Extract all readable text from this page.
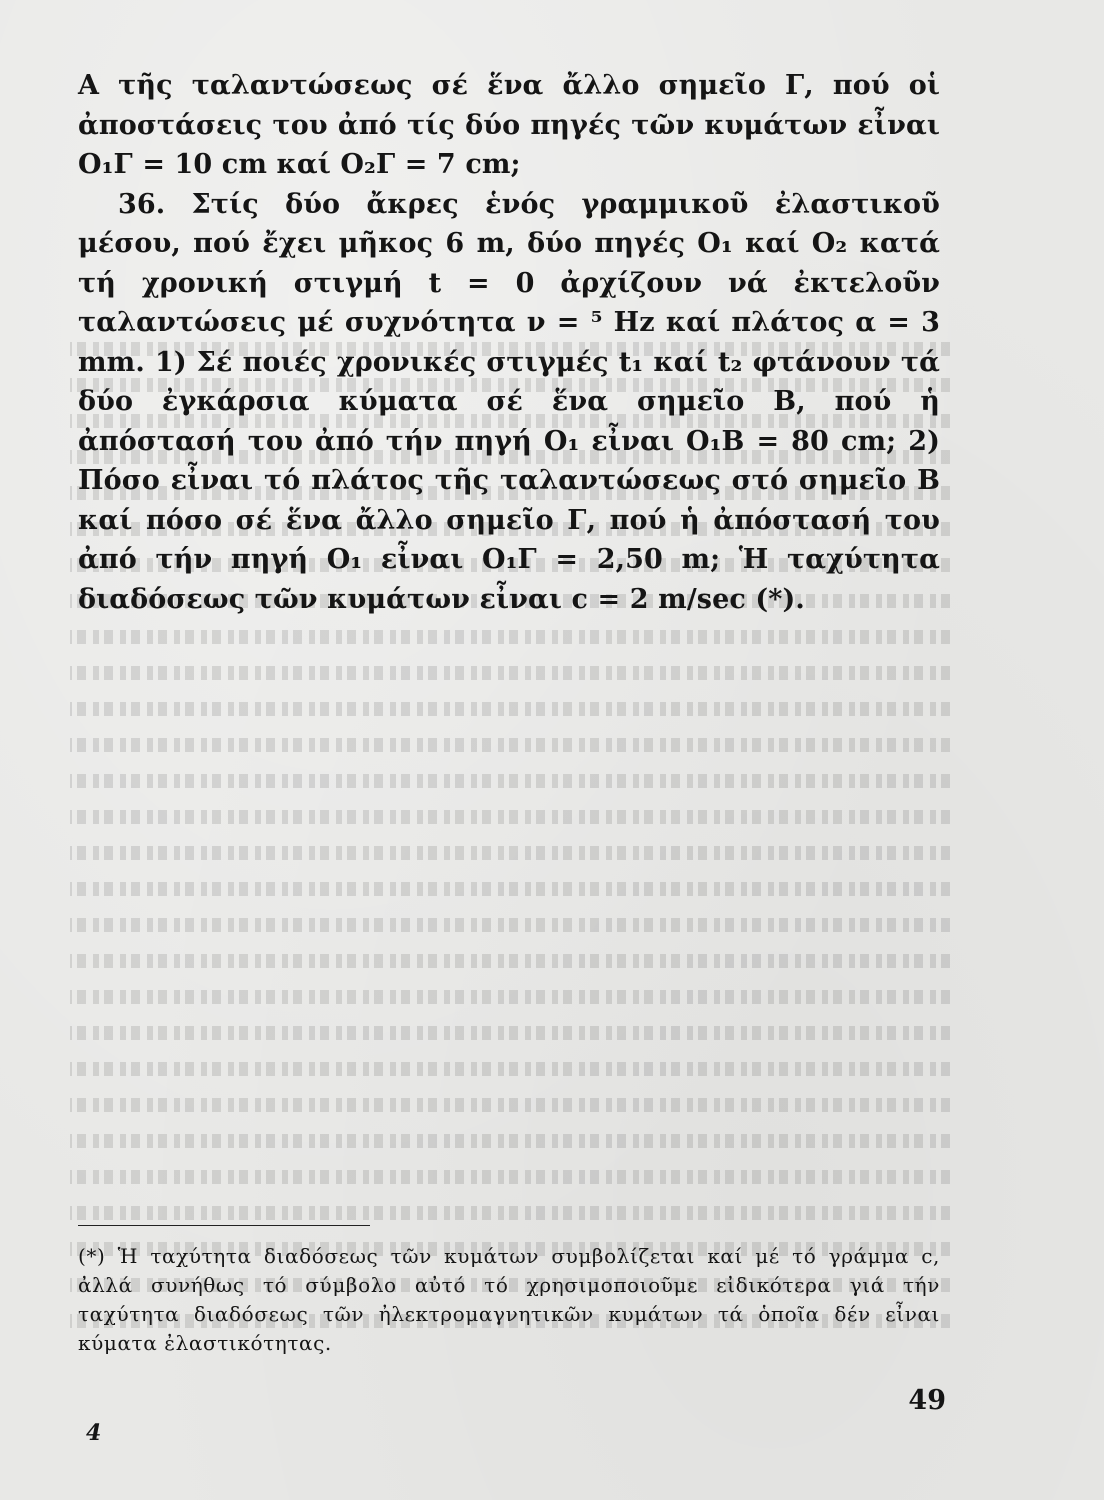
Α τῆς ταλαντώσεως σέ ἕνα ἄλλο σημεῖο Γ, πού οἱ ἀποστάσεις του ἀπό τίς δύο πηγές τῶν κυμάτων εἶναι O₁Γ = 10 cm καί O₂Γ = 7 cm;

36. Στίς δύο ἄκρες ἑνός γραμμικοῦ ἐλαστικοῦ μέσου, πού ἔχει μῆκος 6 m, δύο πηγές O₁ καί O₂ κατά τή χρονική στιγμή t = 0 ἀρχίζουν νά ἐκτελοῦν ταλαντώσεις μέ συχνότητα ν = ⁵ Hz καί πλάτος α = 3 mm. 1) Σέ ποιές χρονικές στιγμές t₁ καί t₂ φτάνουν τά δύο ἐγκάρσια κύματα σέ ἕνα σημεῖο Β, πού ἡ ἀπόστασή του ἀπό τήν πηγή O₁ εἶναι O₁B = 80 cm; 2) Πόσο εἶναι τό πλάτος τῆς ταλαντώσεως στό σημεῖο Β καί πόσο σέ ἕνα ἄλλο σημεῖο Γ, πού ἡ ἀπόστασή του ἀπό τήν πηγή O₁ εἶναι O₁Γ = 2,50 m; Ἡ ταχύτητα διαδόσεως τῶν κυμάτων εἶναι c = 2 m/sec (*).

(*) Ἡ ταχύτητα διαδόσεως τῶν κυμάτων συμβολίζεται καί μέ τό γράμμα c, ἀλλά συνήθως τό σύμβολο αὐτό τό χρησιμοποιοῦμε εἰδικότερα γιά τήν ταχύτητα διαδόσεως τῶν ἠλεκτρομαγνητικῶν κυμάτων τά ὁποῖα δέν εἶναι κύματα ἐλαστικότητας.
49
4
